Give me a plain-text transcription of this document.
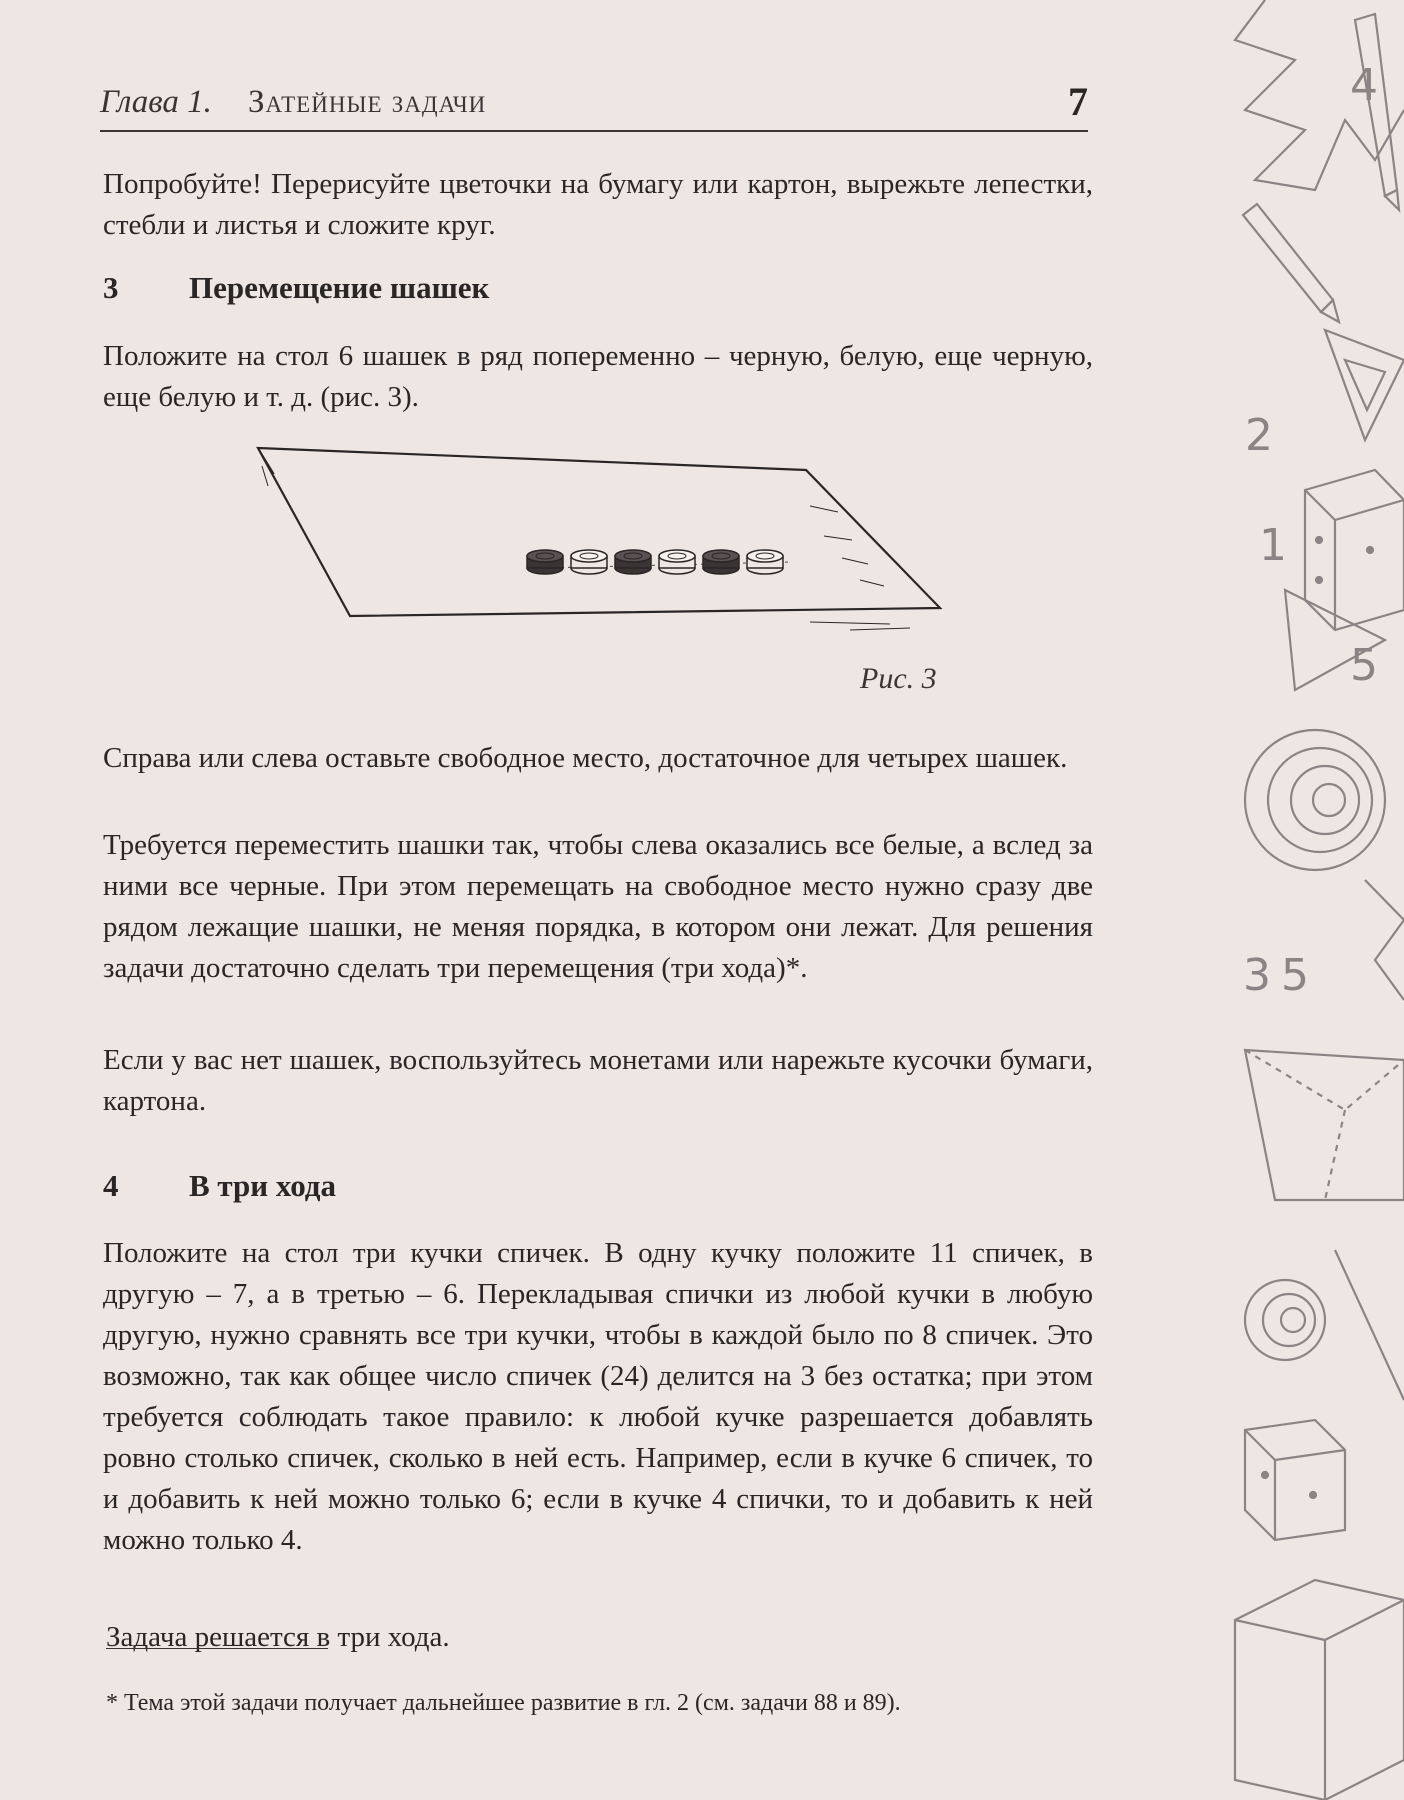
Глава 1. Затейные задачи	7

Попробуйте! Перерисуйте цветочки на бумагу или картон, вырежьте лепестки, стебли и листья и сложите круг.

3 Перемещение шашек

Положите на стол 6 шашек в ряд попеременно – черную, белую, еще черную, еще белую и т. д. (рис. 3).

Рис. 3

Справа или слева оставьте свободное место, достаточное для четырех шашек.

Требуется переместить шашки так, чтобы слева оказались все белые, а вслед за ними все черные. При этом перемещать на свободное место нужно сразу две рядом лежащие шашки, не меняя порядка, в котором они лежат. Для решения задачи достаточно сделать три перемещения (три хода)*.

Если у вас нет шашек, воспользуйтесь монетами или нарежьте кусочки бумаги, картона.

4 В три хода

Положите на стол три кучки спичек. В одну кучку положите 11 спичек, в другую – 7, а в третью – 6. Перекладывая спички из любой кучки в любую другую, нужно сравнять все три кучки, чтобы в каждой было по 8 спичек. Это возможно, так как общее число спичек (24) делится на 3 без остатка; при этом требуется соблюдать такое правило: к любой кучке разрешается добавлять ровно столько спичек, сколько в ней есть. Например, если в кучке 6 спичек, то и добавить к ней можно только 6; если в кучке 4 спички, то и добавить к ней можно только 4.

Задача решается в три хода.

* Тема этой задачи получает дальнейшее развитие в гл. 2 (см. задачи 88 и 89).

4
2
1
5
3 5
